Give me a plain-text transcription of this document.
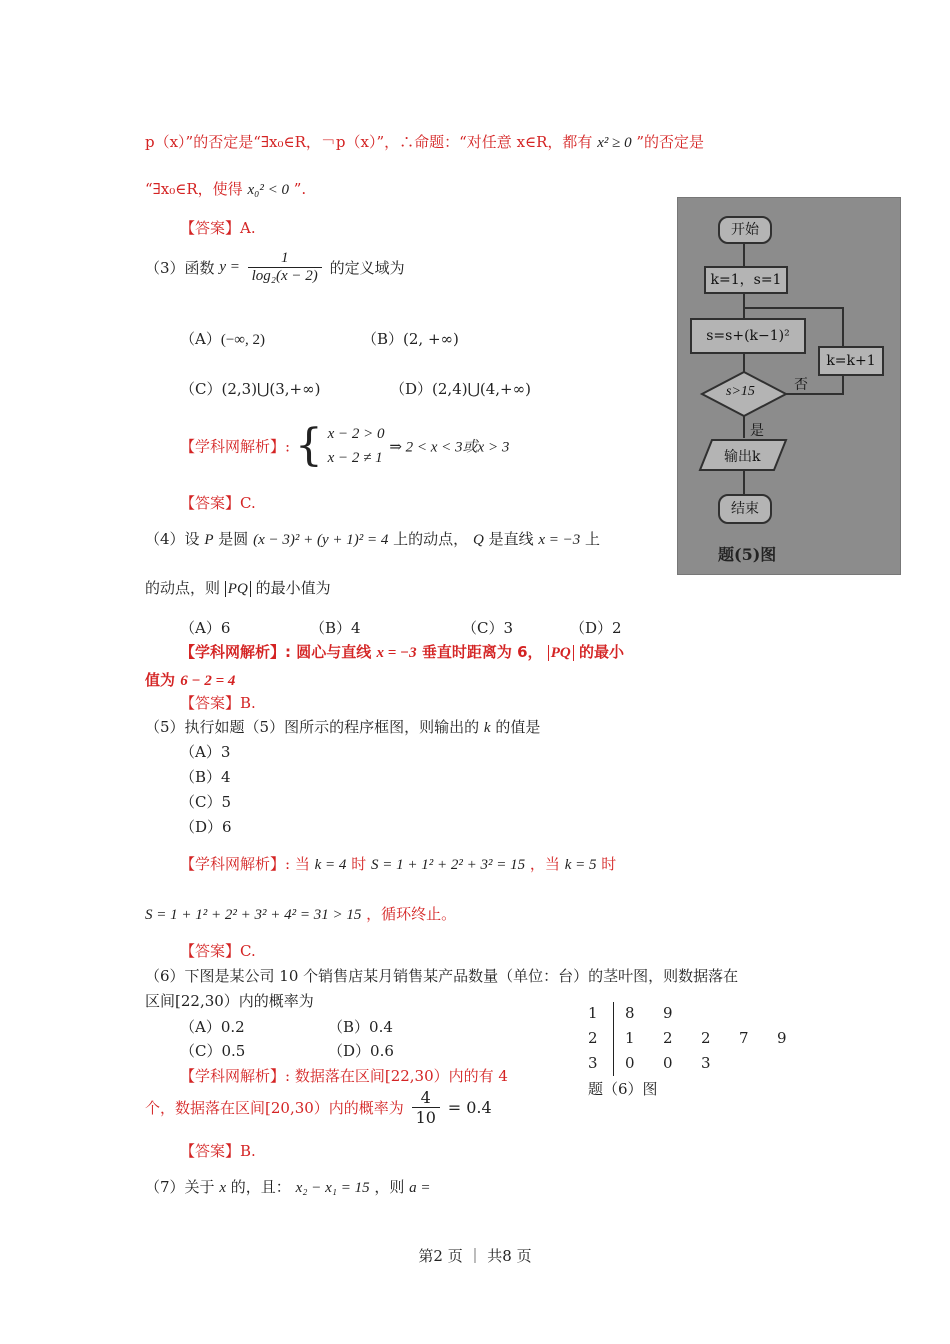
p（x）”的否定是“∃x₀∈R，￢p（x）”，∴命题：“对任意 x∈R，都有 x² ≥ 0 ”的否定是
“∃x₀∈R，使得 x₀² < 0 ”.
【答案】A.
（3）函数 $y = \frac{1}{\text{log₂(x − 2)}}$ 的定义域为
（A）(−∞, 2)	（B）(2, +∞)
（C）(2,3)⋃(3,+∞)	（D）(2,4)⋃(4,+∞)
【学科网解析】: { x − 2 > 0
x − 2 ≠ 1
⇒ 2 < x < 3或x > 3
【答案】C.
（4）设 P 是圆 (x − 3)² + (y + 1)² = 4 上的动点， Q 是直线 x = −3 上
的动点，则 PQ 的最小值为
（A）6	（B）4	（C）3	（D）2
【学科网解析】: 圆心与直线 x = −3 垂直时距离为 6， PQ 的最小
值为 6 − 2 = 4
【答案】B.
（5）执行如题（5）图所示的程序框图，则输出的 k 的值是
（A）3
（B）4
（C）5
（D）6
【学科网解析】: 当 k = 4 时 S = 1 + 1² + 2² + 3² = 15 ，当 k = 5 时
S = 1 + 1² + 2² + 3² + 4² = 31 > 15 ，循环终止。
【答案】C.
（6）下图是某公司 10 个销售店某月销售某产品数量（单位：台）的茎叶图，则数据落在
区间[22,30）内的概率为
（A）0.2	（B）0.4
（C）0.5	（D）0.6
【学科网解析】: 数据落在区间[22,30）内的有 4
个，数据落在区间[20,30）内的概率为 $\frac{4}{10} = 0.4$
【答案】B.
1 8 9
2 1 2 2 7 9
3 0 0 3
题（6）图
（7）关于 x 的，且： x₂ − x₁ = 15 ，则 a =
开始
k=1，s=1
s=s+(k−1)²
s>15	否
是
k=k+1
输出k
结束
题(5)图
第2 页 ｜ 共8 页
